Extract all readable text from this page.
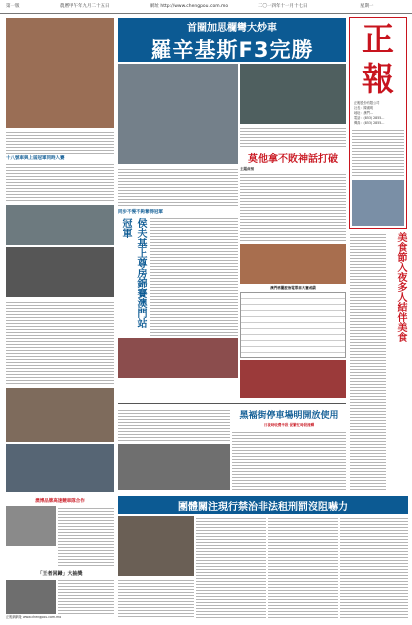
第一版	農曆甲午年九月二十五日	網址 http://www.chengpou.com.mo	二〇一四年十一月十七日	星期一
首圈加思欄彎大炒車
羅辛基斯F3完勝	正
報
正報股份有限公司
社長：陳漢明
地址：澳門…
電話：(853) 2855…
傳真：(853) 2855…
十八號車與上屆冠軍同時入賽
同步不慢不夠奪得冠軍
侯夫基上尊房錦賽澳門站冠軍
莫他拿不敗神話打破
主題曲預
澳門格蘭披治電單車大賽成績	美食節入夜多人結伴美食
黑褔街停車場明開放使用
日夜時收費半段 促繁忙時段流轉
團體關注現行禁治非法租刑罰沒阻嚇力
澳博品牌高速競車隊合作
「王者回歸」大抽獎
正報網網址 www.chengpou.com.mo
